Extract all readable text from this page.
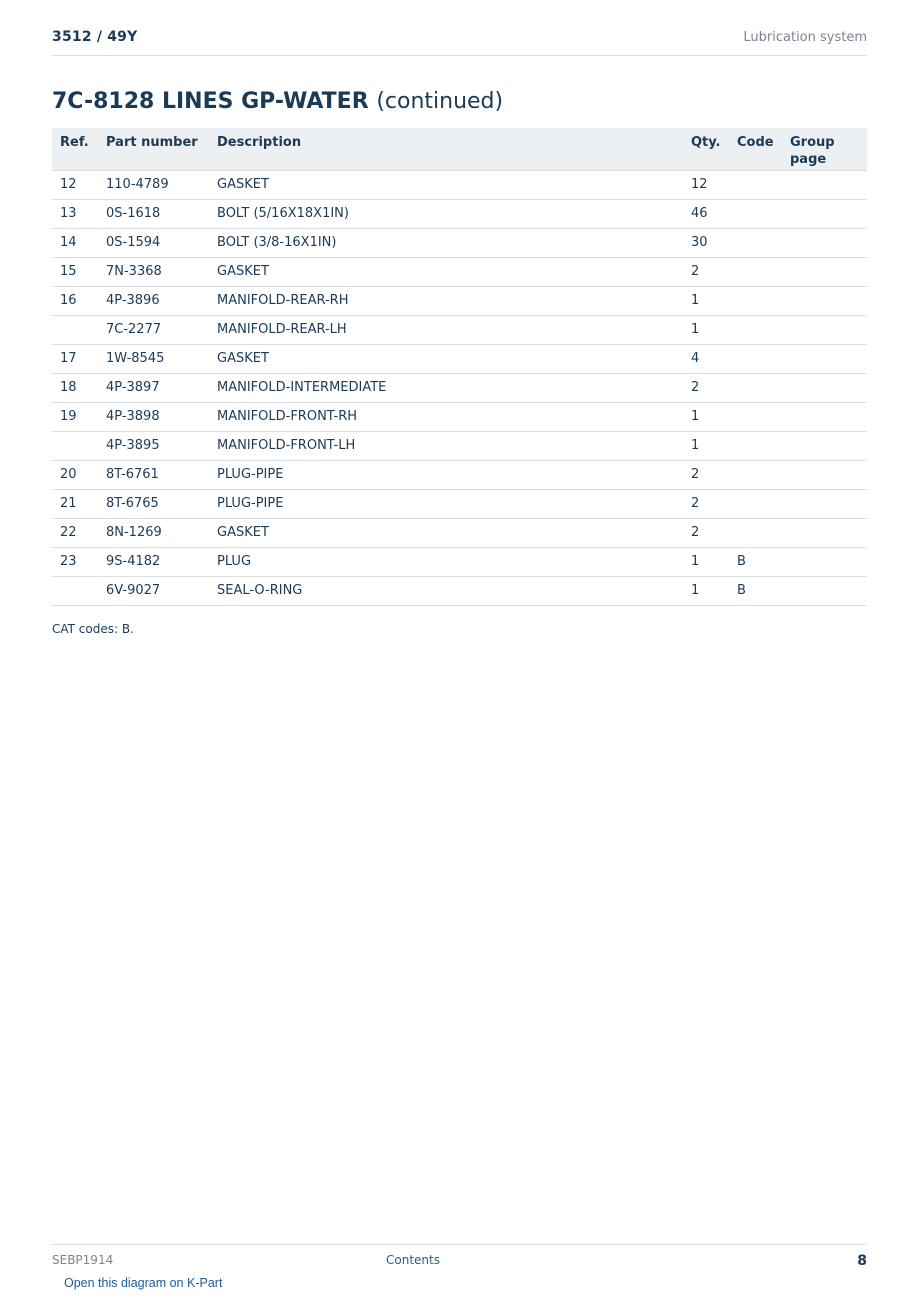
3512 / 49Y	Lubrication system
7C-8128 LINES GP-WATER (continued)
Ref.	Part number	Description	Qty.	Code	Group page
12	110-4789	GASKET	12		
13	0S-1618	BOLT (5/16X18X1IN)	46		
14	0S-1594	BOLT (3/8-16X1IN)	30		
15	7N-3368	GASKET	2		
16	4P-3896	MANIFOLD-REAR-RH	1		
	7C-2277	MANIFOLD-REAR-LH	1		
17	1W-8545	GASKET	4		
18	4P-3897	MANIFOLD-INTERMEDIATE	2		
19	4P-3898	MANIFOLD-FRONT-RH	1		
	4P-3895	MANIFOLD-FRONT-LH	1		
20	8T-6761	PLUG-PIPE	2		
21	8T-6765	PLUG-PIPE	2		
22	8N-1269	GASKET	2		
23	9S-4182	PLUG	1	B	
	6V-9027	SEAL-O-RING	1	B	
CAT codes: B.
SEBP1914	Contents	8
Open this diagram on K-Part
